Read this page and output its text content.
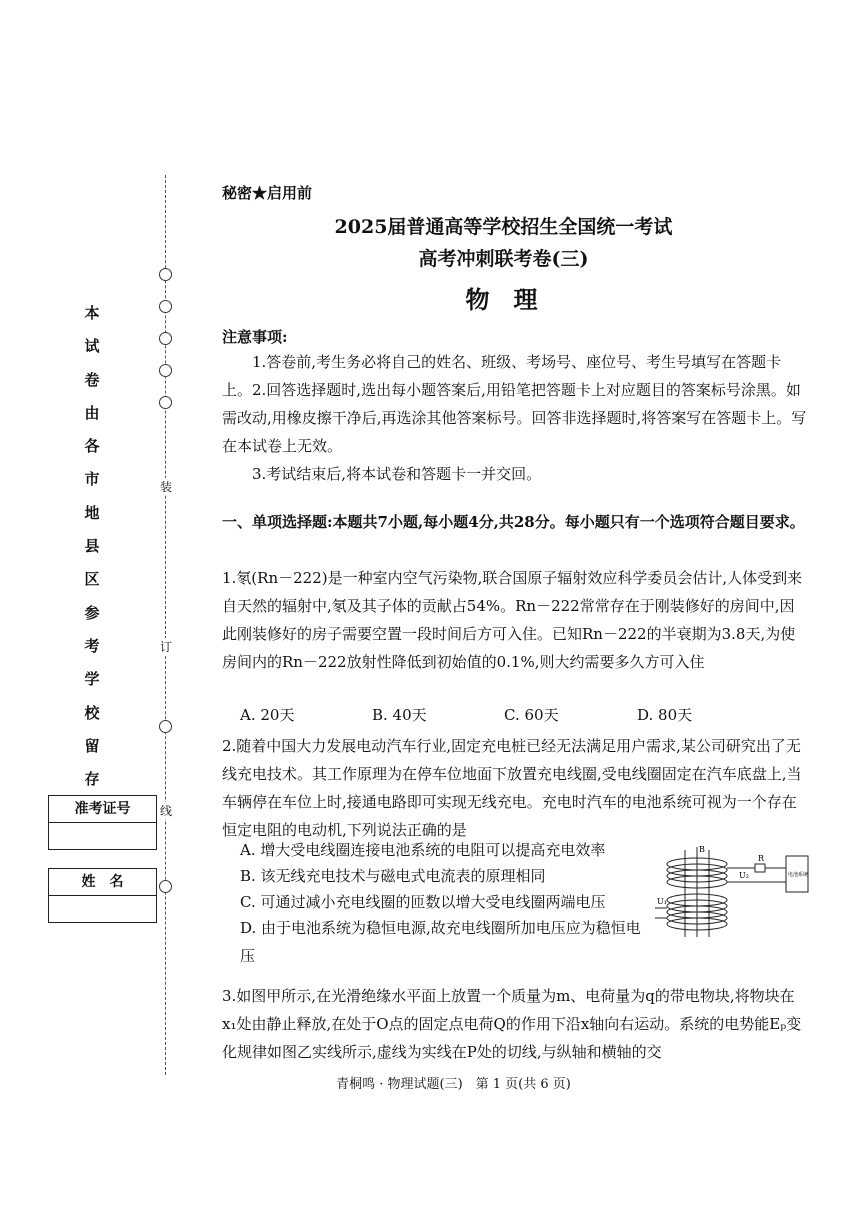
装
订
线
本
试
卷
由
各
市
地
县
区
参
考
学
校
留
存
准考证号
姓　名
秘密★启用前
2025届普通高等学校招生全国统一考试
高考冲刺联考卷(三)
物理
注意事项:
1.答卷前,考生务必将自己的姓名、班级、考场号、座位号、考生号填写在答题卡上。 2.回答选择题时,选出每小题答案后,用铅笔把答题卡上对应题目的答案标号涂黑。如需改动,用橡皮擦干净后,再选涂其他答案标号。回答非选择题时,将答案写在答题卡上。写在本试卷上无效。
3.考试结束后,将本试卷和答题卡一并交回。
一、单项选择题:本题共7小题,每小题4分,共28分。每小题只有一个选项符合题目要求。
1.氡(Rn－222)是一种室内空气污染物,联合国原子辐射效应科学委员会估计,人体受到来自天然的辐射中,氡及其子体的贡献占54%。Rn－222常常存在于刚装修好的房间中,因此刚装修好的房子需要空置一段时间后方可入住。已知Rn－222的半衰期为3.8天,为使房间内的Rn－222放射性降低到初始值的0.1%,则大约需要多久方可入住
A. 20天	B. 40天	C. 60天	D. 80天
2.随着中国大力发展电动汽车行业,固定充电桩已经无法满足用户需求,某公司研究出了无线充电技术。其工作原理为在停车位地面下放置充电线圈,受电线圈固定在汽车底盘上,当车辆停在车位上时,接通电路即可实现无线充电。充电时汽车的电池系统可视为一个存在恒定电阻的电动机,下列说法正确的是
A. 增大受电线圈连接电池系统的电阻可以提高充电效率
B. 该无线充电技术与磁电式电流表的原理相同
C. 可通过减小充电线圈的匝数以增大受电线圈两端电压
D. 由于电池系统为稳恒电源,故充电线圈所加电压应为稳恒电压
B
R
U₂
U₁
电池系统
3.如图甲所示,在光滑绝缘水平面上放置一个质量为m、电荷量为q的带电物块,将物块在x₁处由静止释放,在处于O点的固定点电荷Q的作用下沿x轴向右运动。系统的电势能Eₚ变化规律如图乙实线所示,虚线为实线在P处的切线,与纵轴和横轴的交
青桐鸣 · 物理试题(三)　第 1 页(共 6 页)
